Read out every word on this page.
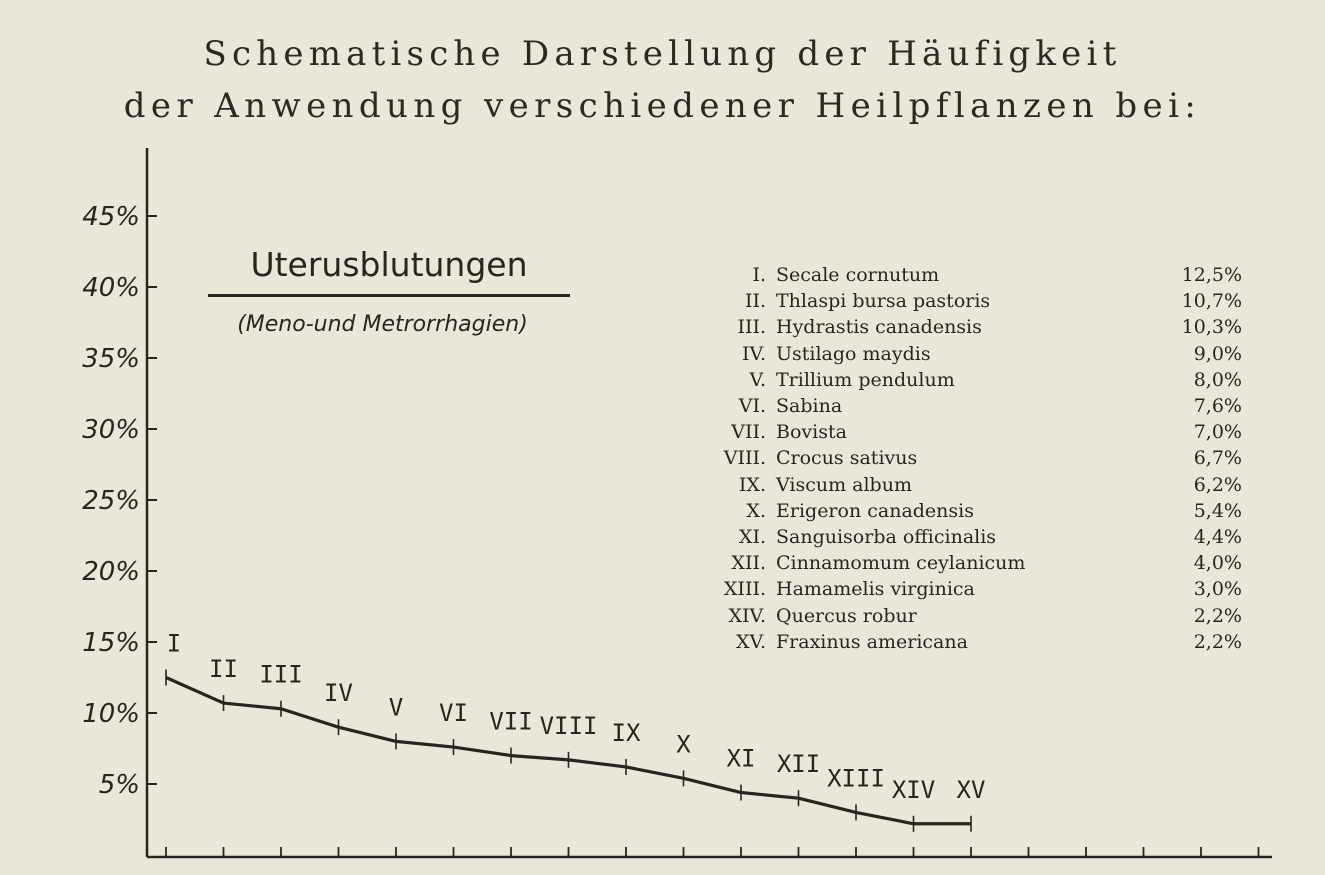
Schematische Darstellung der Häufigkeit
der Anwendung verschiedener Heilpflanzen bei:
5%
10%
15%
20%
25%
30%
35%
40%
45%
I
II III
IV
V VI VII VIII IX X
XI XII
XIII XIV XV
Uterusblutungen
(Meno-und Metrorrhagien)
I. Secale cornutum	12,5%
II. Thlaspi bursa pastoris	10,7%
III. Hydrastis canadensis	10,3%
IV. Ustilago maydis	9,0%
V. Trillium pendulum	8,0%
VI. Sabina	7,6%
VII. Bovista	7,0%
VIII. Crocus sativus	6,7%
IX. Viscum album	6,2%
X. Erigeron canadensis	5,4%
XI. Sanguisorba officinalis	4,4%
XII. Cinnamomum ceylanicum	4,0%
XIII. Hamamelis virginica	3,0%
XIV. Quercus robur	2,2%
XV. Fraxinus americana	2,2%
